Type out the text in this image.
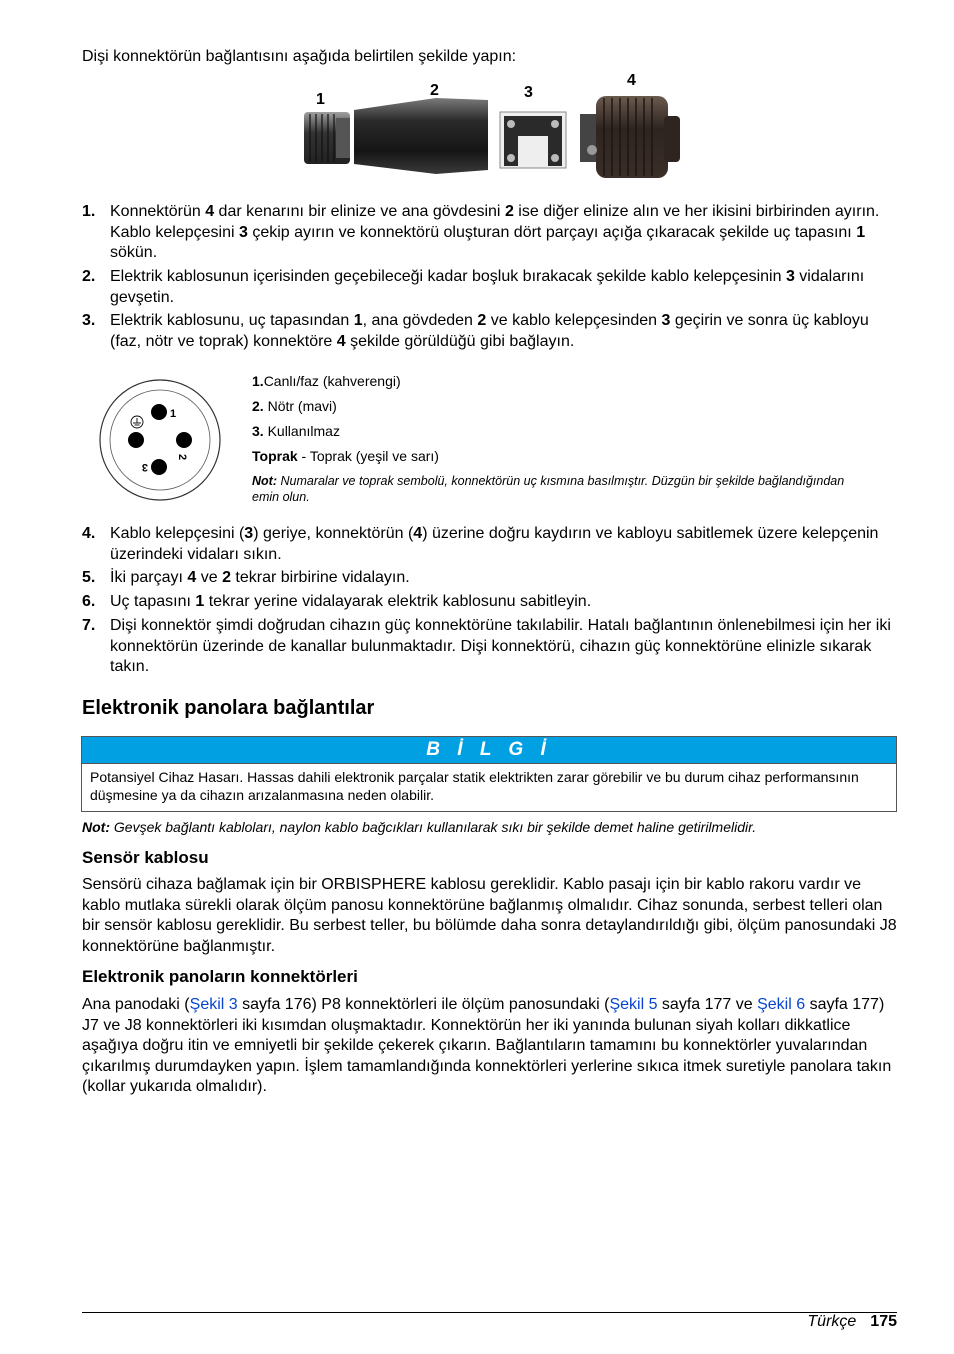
Dişi konnektörün bağlantısını aşağıda belirtilen şekilde yapın:
1
2	3
4
1. Konnektörün 4 dar kenarını bir elinize ve ana gövdesini 2 ise diğer elinize alın ve her ikisini birbirinden ayırın. Kablo kelepçesini 3 çekip ayırın ve konnektörü oluşturan dört parçayı açığa çıkaracak şekilde uç tapasını 1 sökün.
2. Elektrik kablosunun içerisinden geçebileceği kadar boşluk bırakacak şekilde kablo kelepçesinin 3 vidalarını gevşetin.
3. Elektrik kablosunu, uç tapasından 1, ana gövdeden 2 ve kablo kelepçesinden 3 geçirin ve sonra üç kabloyu (faz, nötr ve toprak) konnektöre 4 şekilde görüldüğü gibi bağlayın.
1
2
3
1.Canlı/faz (kahverengi)
2. Nötr (mavi)
3. Kullanılmaz
Toprak - Toprak (yeşil ve sarı)
Not: Numaralar ve toprak sembolü, konnektörün uç kısmına basılmıştır. Düzgün bir şekilde bağlandığından emin olun.
4. Kablo kelepçesini (3) geriye, konnektörün (4) üzerine doğru kaydırın ve kabloyu sabitlemek üzere kelepçenin üzerindeki vidaları sıkın.
5. İki parçayı 4 ve 2 tekrar birbirine vidalayın.
6. Uç tapasını 1 tekrar yerine vidalayarak elektrik kablosunu sabitleyin.
7. Dişi konnektör şimdi doğrudan cihazın güç konnektörüne takılabilir. Hatalı bağlantının önlenebilmesi için her iki konnektörün üzerinde de kanallar bulunmaktadır. Dişi konnektörü, cihazın güç konnektörüne elinizle sıkarak takın.
Elektronik panolara bağlantılar
B İ L G İ
Potansiyel Cihaz Hasarı. Hassas dahili elektronik parçalar statik elektrikten zarar görebilir ve bu durum cihaz performansının düşmesine ya da cihazın arızalanmasına neden olabilir.
Not: Gevşek bağlantı kabloları, naylon kablo bağcıkları kullanılarak sıkı bir şekilde demet haline getirilmelidir.
Sensör kablosu
Sensörü cihaza bağlamak için bir ORBISPHERE kablosu gereklidir. Kablo pasajı için bir kablo rakoru vardır ve kablo mutlaka sürekli olarak ölçüm panosu konnektörüne bağlanmış olmalıdır. Cihaz sonunda, serbest telleri olan bir sensör kablosu gereklidir. Bu serbest teller, bu bölümde daha sonra detaylandırıldığı gibi, ölçüm panosundaki J8 konnektörüne bağlanmıştır.
Elektronik panoların konnektörleri
Ana panodaki (Şekil 3 sayfa 176) P8 konnektörleri ile ölçüm panosundaki (Şekil 5 sayfa 177 ve Şekil 6 sayfa 177) J7 ve J8 konnektörleri iki kısımdan oluşmaktadır. Konnektörün her iki yanında bulunan siyah kolları dikkatlice aşağıya doğru itin ve emniyetli bir şekilde çekerek çıkarın. Bağlantıların tamamını bu konnektörler yuvalarından çıkarılmış durumdayken yapın. İşlem tamamlandığında konnektörleri yerlerine sıkıca itmek suretiyle panolara takın (kollar yukarıda olmalıdır).
Türkçe 175
